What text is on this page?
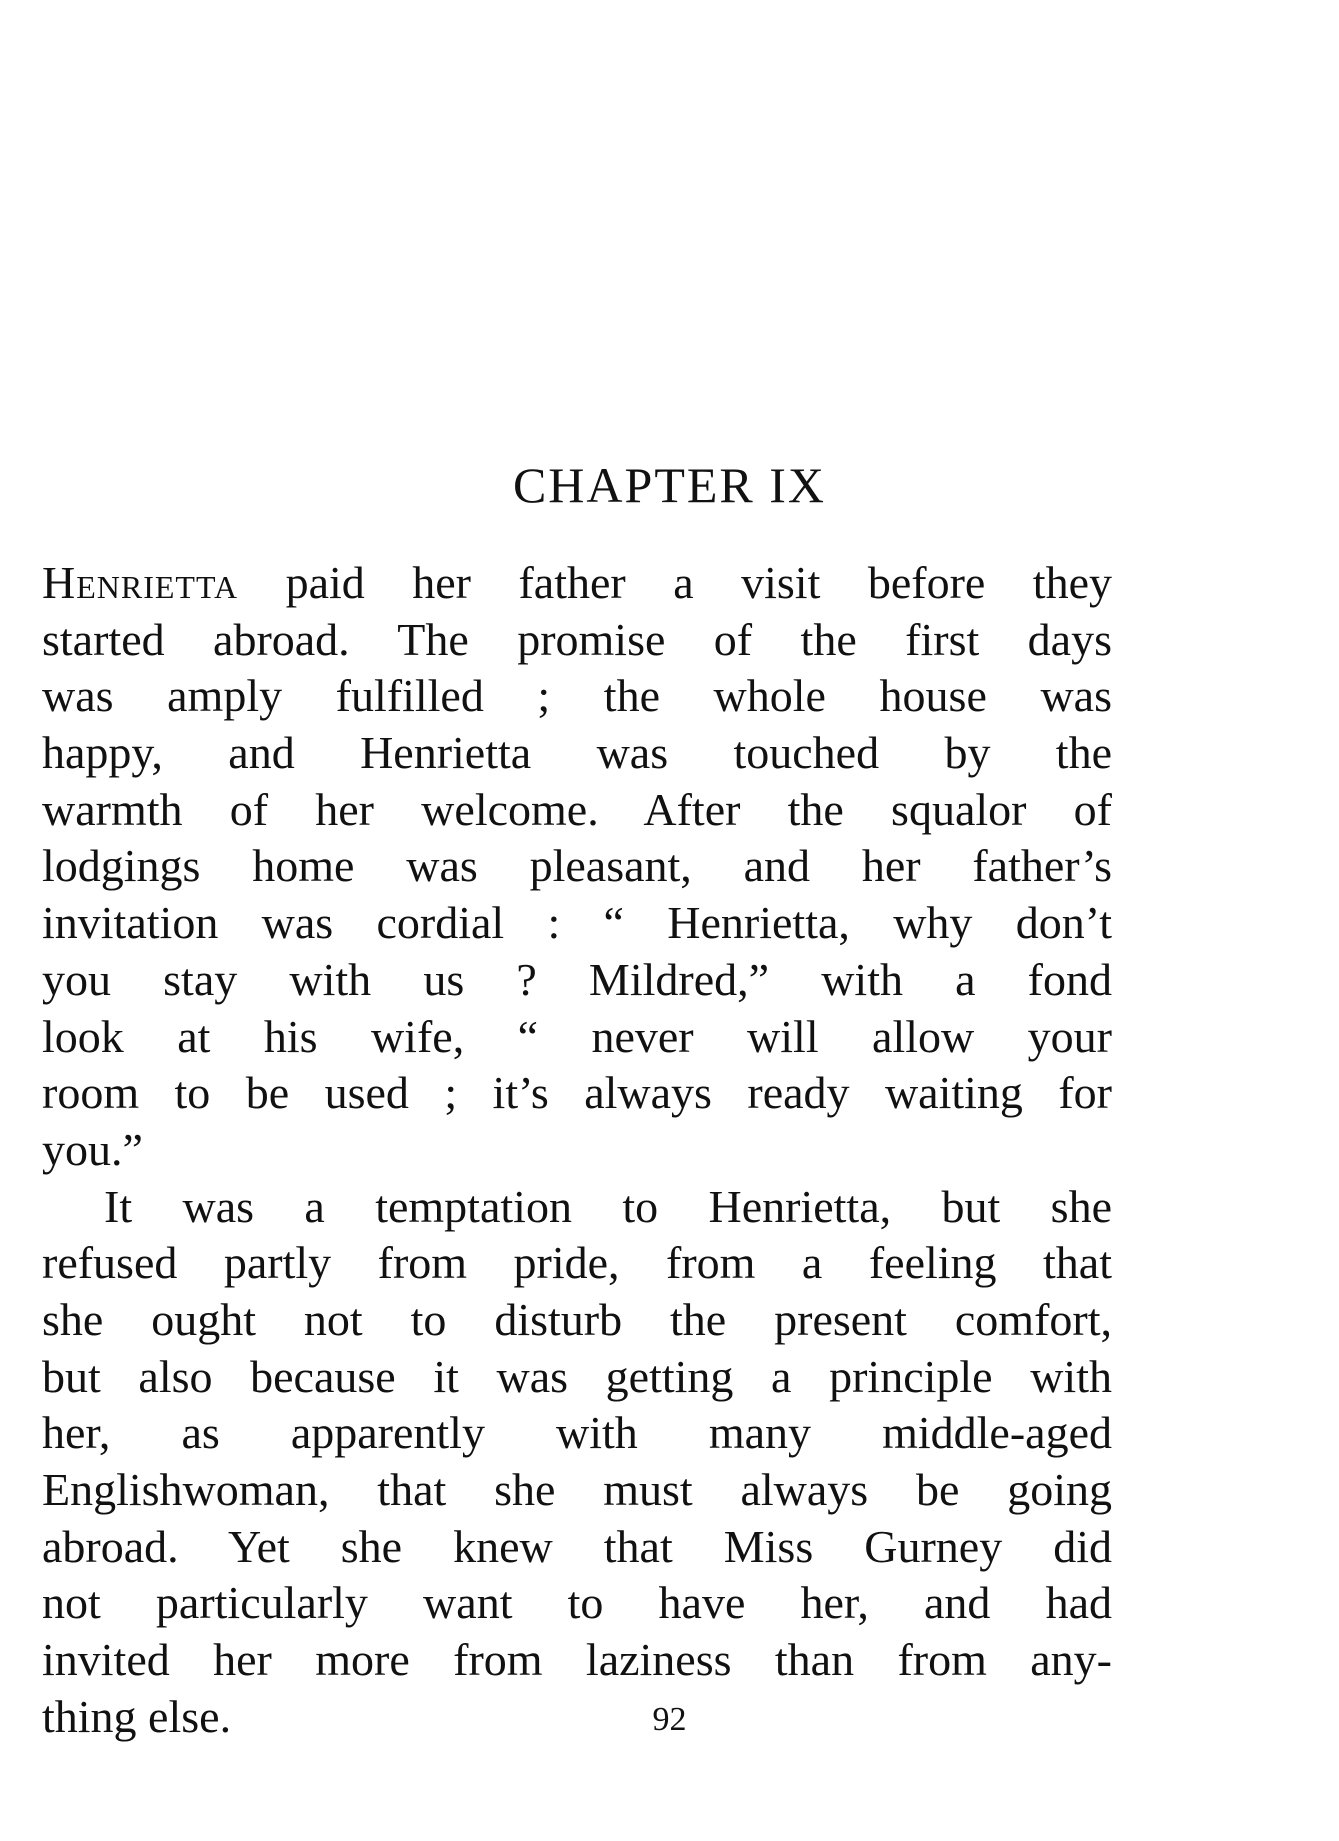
CHAPTER IX
Henrietta paid her father a visit before they
started abroad. The promise of the first days
was amply fulfilled ; the whole house was
happy, and Henrietta was touched by the
warmth of her welcome. After the squalor of
lodgings home was pleasant, and her father’s
invitation was cordial : “ Henrietta, why don’t
you stay with us ? Mildred,” with a fond
look at his wife, “ never will allow your
room to be used ; it’s always ready waiting for
you.”
It was a temptation to Henrietta, but she
refused partly from pride, from a feeling that
she ought not to disturb the present comfort,
but also because it was getting a principle with
her, as apparently with many middle-aged
Englishwoman, that she must always be going
abroad. Yet she knew that Miss Gurney did
not particularly want to have her, and had
invited her more from laziness than from any-
thing else.	92
